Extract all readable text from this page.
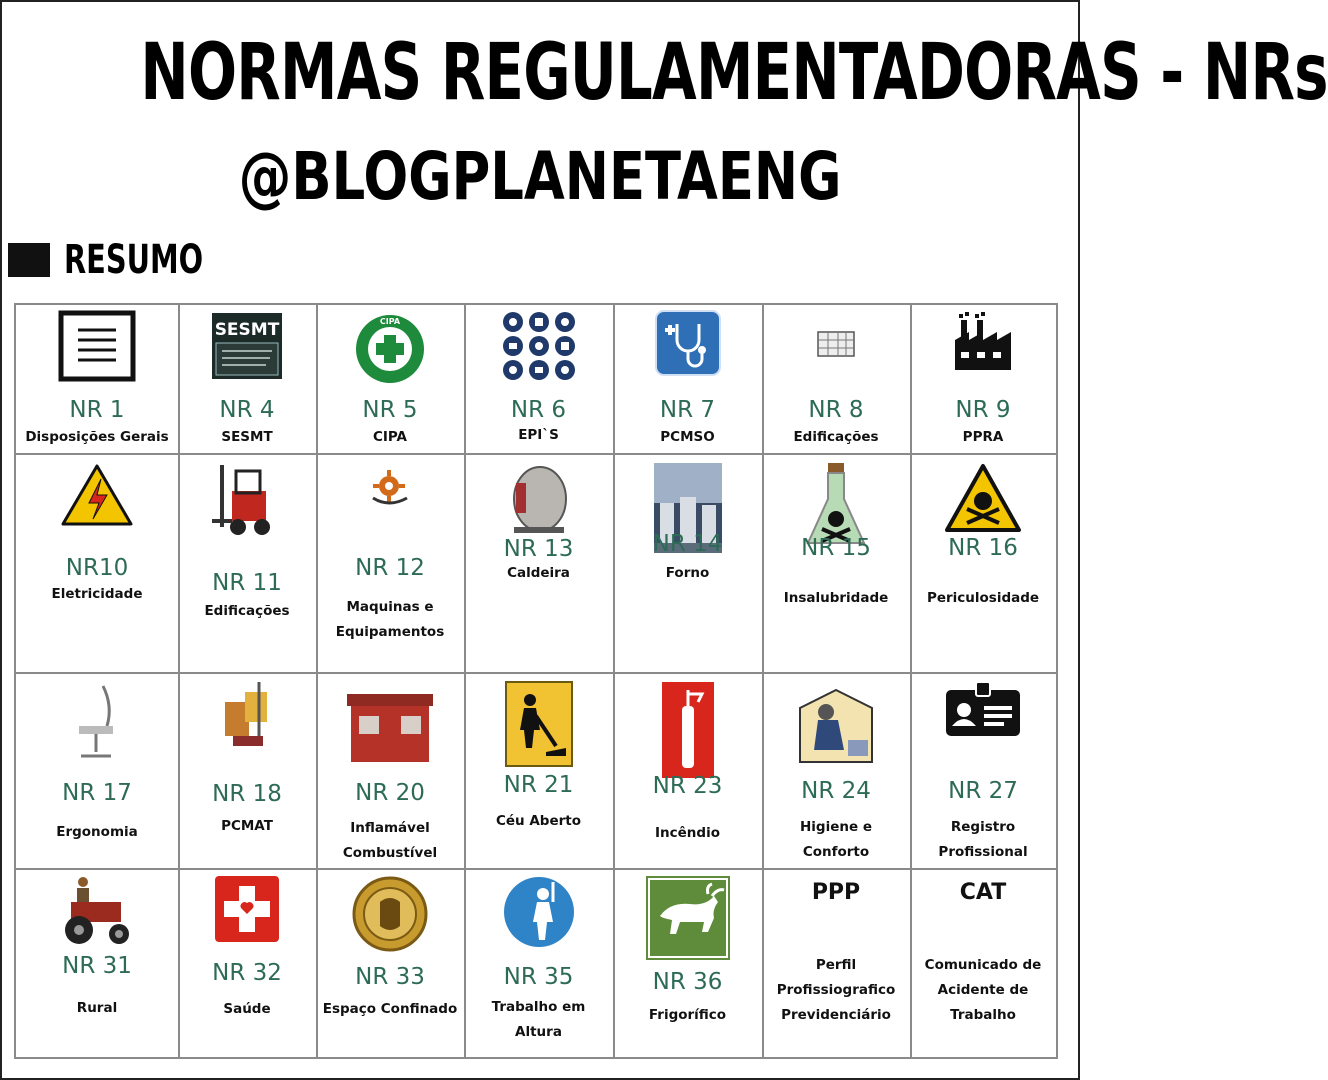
NORMAS REGULAMENTADORAS - NRs
@BLOGPLANETAENG
RESUMO
NR 1
Disposições Gerais
SESMT
NR 4
SESMT
CIPA
NR 5
CIPA
NR 6
EPI`S
NR 7
PCMSO
NR 8
Edificações
NR 9
PPRA
NR10
Eletricidade	NR 11
Edificações
NR 12
Maquinas e
Equipamentos
NR 13
Caldeira
NR 14
Forno
NR 15
Insalubridade
NR 16
Periculosidade
NR 17
Ergonomia
NR 18
PCMAT
NR 20
Inflamável
Combustível
NR 21
Céu Aberto
NR 23
Incêndio
NR 24
Higiene e
Conforto
NR 27
Registro
Profissional
NR 31
Rural
NR 32
Saúde
NR 33
Espaço Confinado
NR 35
Trabalho em
Altura
NR 36
Frigorífico
PPP
Perfil
Profissiografico
Previdenciário
CAT
Comunicado de
Acidente de
Trabalho
